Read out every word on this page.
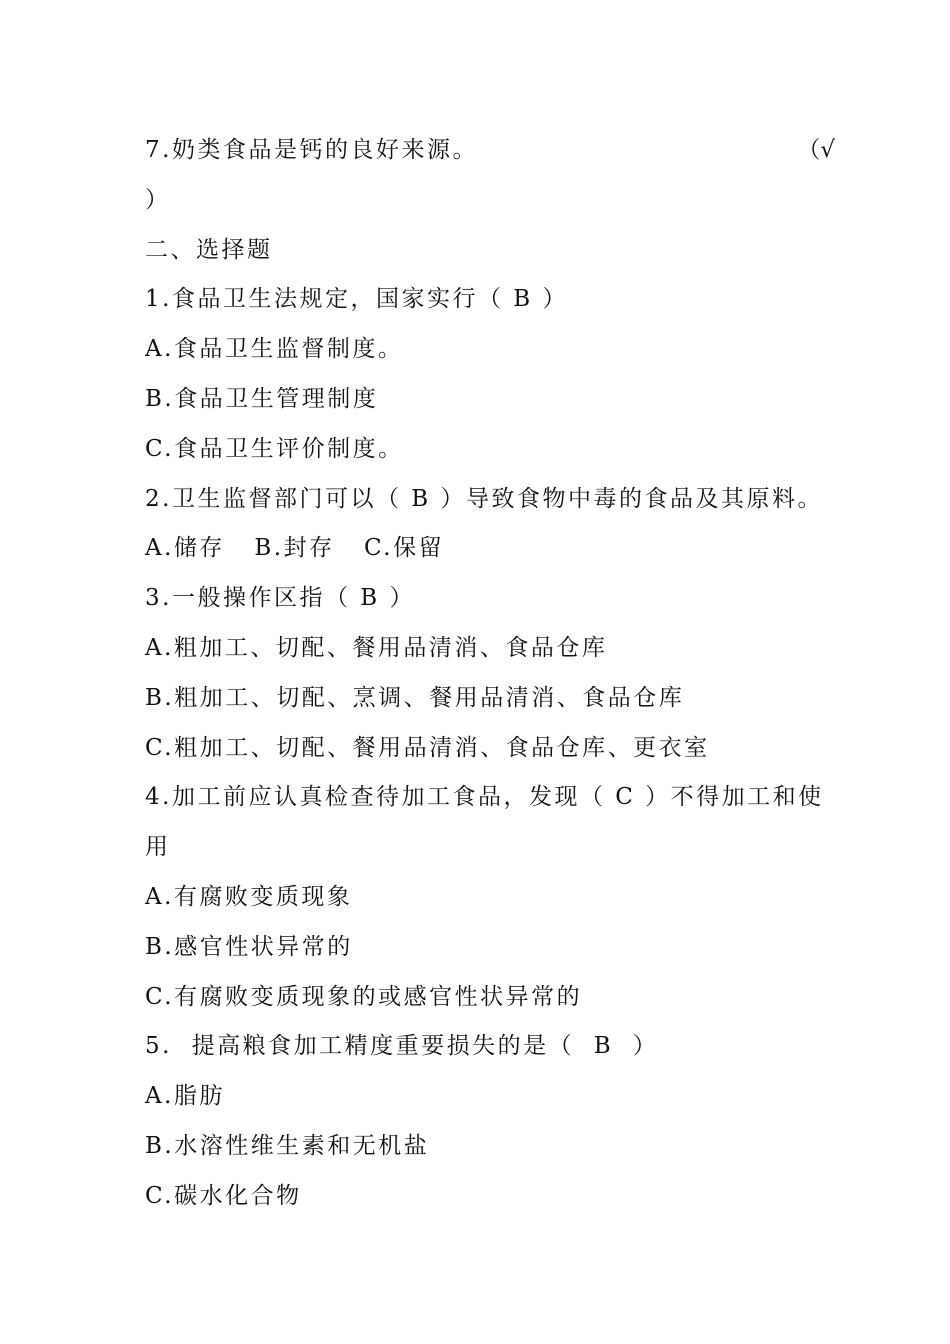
7.奶类食品是钙的良好来源。	（√
）
二、选择题
1.食品卫生法规定，国家实行（ B ）
A.食品卫生监督制度。
B.食品卫生管理制度
C.食品卫生评价制度。
2.卫生监督部门可以（ B ）导致食物中毒的食品及其原料。
A.储存   B.封存   C.保留
3.一般操作区指（ B ）
A.粗加工、切配、餐用品清消、食品仓库
B.粗加工、切配、烹调、餐用品清消、食品仓库
C.粗加工、切配、餐用品清消、食品仓库、更衣室
4.加工前应认真检查待加工食品，发现（ C ）不得加工和使
用
A.有腐败变质现象
B.感官性状异常的
C.有腐败变质现象的或感官性状异常的
5.  提高粮食加工精度重要损失的是（  B  ）
A.脂肪
B.水溶性维生素和无机盐
C.碳水化合物
